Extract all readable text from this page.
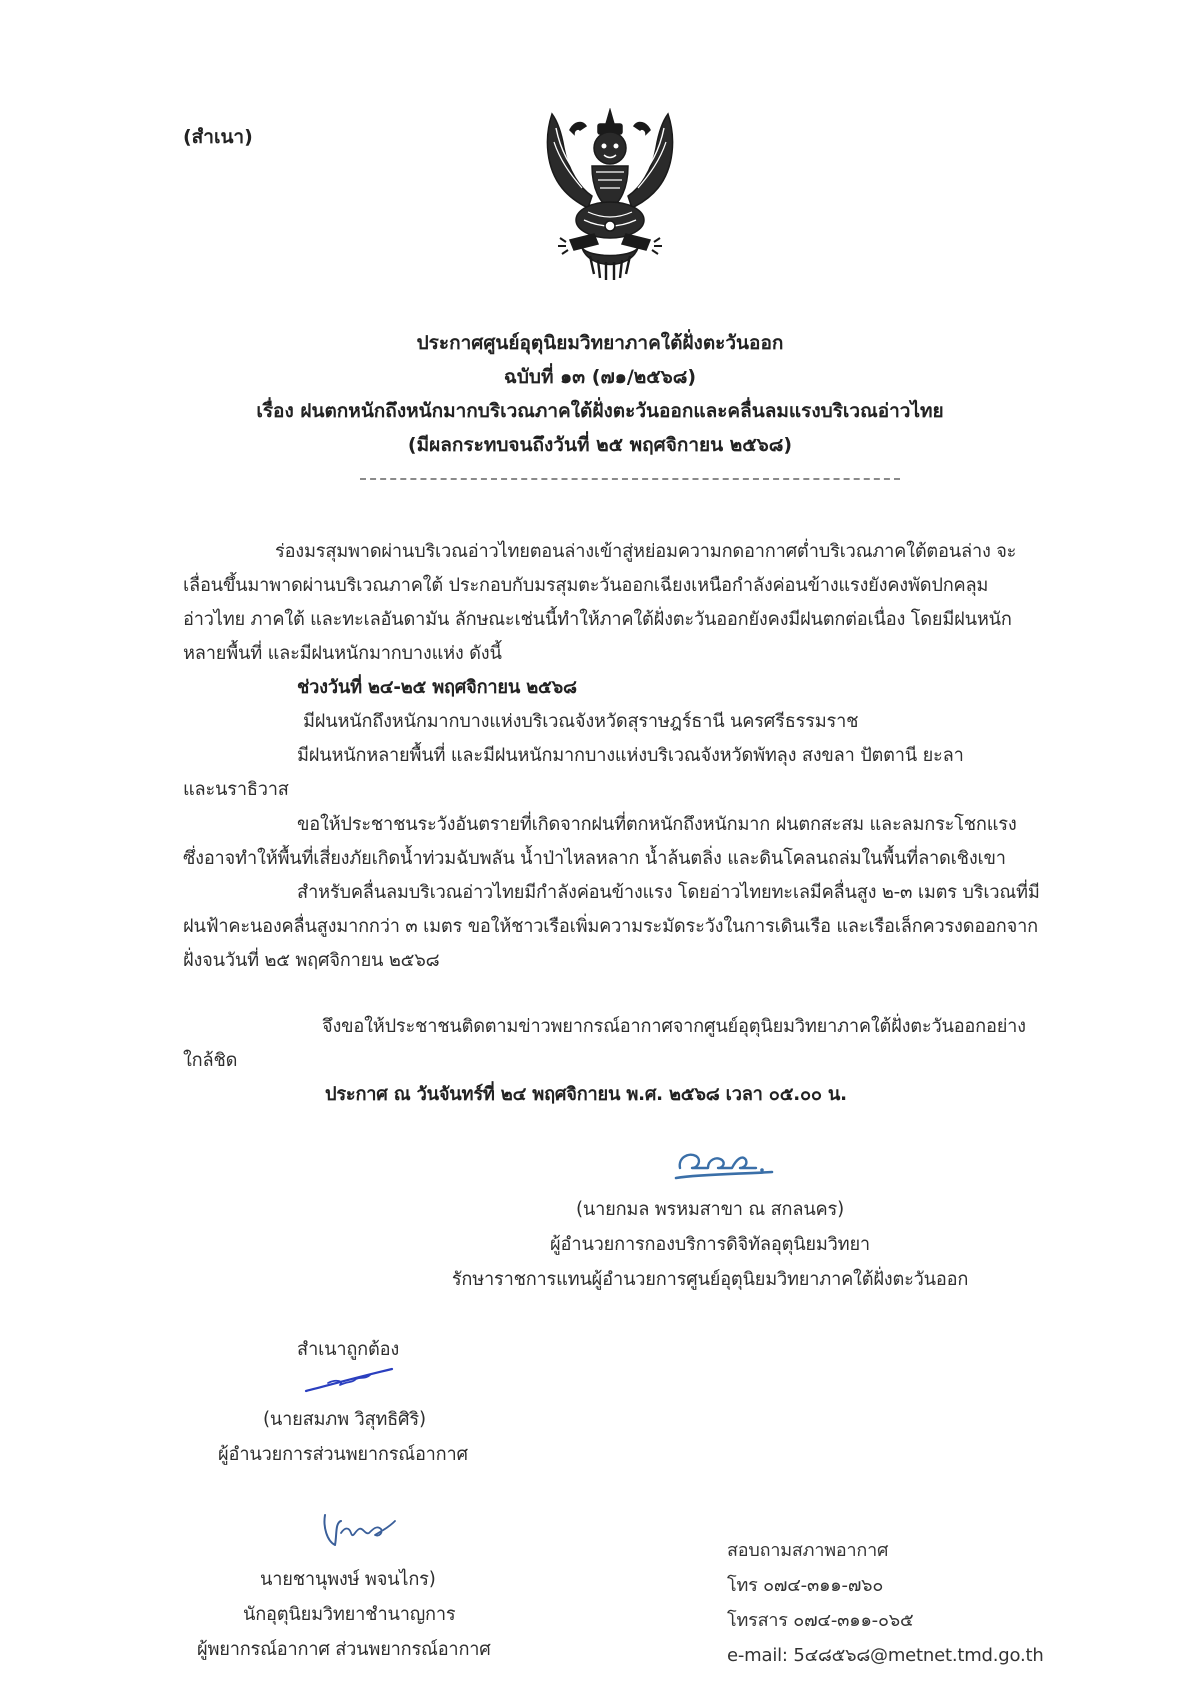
(สำเนา)
ประกาศศูนย์อุตุนิยมวิทยาภาคใต้ฝั่งตะวันออก
ฉบับที่ ๑๓ (๗๑/๒๕๖๘)
เรื่อง ฝนตกหนักถึงหนักมากบริเวณภาคใต้ฝั่งตะวันออกและคลื่นลมแรงบริเวณอ่าวไทย
(มีผลกระทบจนถึงวันที่ ๒๕ พฤศจิกายน ๒๕๖๘)
ร่องมรสุมพาดผ่านบริเวณอ่าวไทยตอนล่างเข้าสู่หย่อมความกดอากาศต่ำบริเวณภาคใต้ตอนล่าง จะ
เลื่อนขึ้นมาพาดผ่านบริเวณภาคใต้ ประกอบกับมรสุมตะวันออกเฉียงเหนือกำลังค่อนข้างแรงยังคงพัดปกคลุม
อ่าวไทย ภาคใต้ และทะเลอันดามัน ลักษณะเช่นนี้ทำให้ภาคใต้ฝั่งตะวันออกยังคงมีฝนตกต่อเนื่อง โดยมีฝนหนัก
หลายพื้นที่ และมีฝนหนักมากบางแห่ง ดังนี้
ช่วงวันที่ ๒๔-๒๕ พฤศจิกายน ๒๕๖๘
มีฝนหนักถึงหนักมากบางแห่งบริเวณจังหวัดสุราษฎร์ธานี นครศรีธรรมราช
มีฝนหนักหลายพื้นที่ และมีฝนหนักมากบางแห่งบริเวณจังหวัดพัทลุง สงขลา ปัตตานี ยะลา
และนราธิวาส
ขอให้ประชาชนระวังอันตรายที่เกิดจากฝนที่ตกหนักถึงหนักมาก ฝนตกสะสม และลมกระโชกแรง
ซึ่งอาจทำให้พื้นที่เสี่ยงภัยเกิดน้ำท่วมฉับพลัน น้ำป่าไหลหลาก น้ำล้นตลิ่ง และดินโคลนถล่มในพื้นที่ลาดเชิงเขา
สำหรับคลื่นลมบริเวณอ่าวไทยมีกำลังค่อนข้างแรง โดยอ่าวไทยทะเลมีคลื่นสูง ๒-๓ เมตร บริเวณที่มี
ฝนฟ้าคะนองคลื่นสูงมากกว่า ๓ เมตร ขอให้ชาวเรือเพิ่มความระมัดระวังในการเดินเรือ และเรือเล็กควรงดออกจาก
ฝั่งจนวันที่ ๒๕ พฤศจิกายน ๒๕๖๘
จึงขอให้ประชาชนติดตามข่าวพยากรณ์อากาศจากศูนย์อุตุนิยมวิทยาภาคใต้ฝั่งตะวันออกอย่าง
ใกล้ชิด
ประกาศ ณ วันจันทร์ที่ ๒๔ พฤศจิกายน พ.ศ. ๒๕๖๘ เวลา ๐๕.๐๐ น.
(นายกมล พรหมสาขา ณ สกลนคร)
ผู้อำนวยการกองบริการดิจิทัลอุตุนิยมวิทยา
รักษาราชการแทนผู้อำนวยการศูนย์อุตุนิยมวิทยาภาคใต้ฝั่งตะวันออก
สำเนาถูกต้อง
(นายสมภพ วิสุทธิศิริ)
ผู้อำนวยการส่วนพยากรณ์อากาศ
นายชานุพงษ์ พจนไกร)
นักอุตุนิยมวิทยาชำนาญการ
ผู้พยากรณ์อากาศ ส่วนพยากรณ์อากาศ
สอบถามสภาพอากาศ
โทร ๐๗๔-๓๑๑-๗๖๐
โทรสาร ๐๗๔-๓๑๑-๐๖๕
e-mail: 5๔๘๕๖๘@metnet.tmd.go.th
